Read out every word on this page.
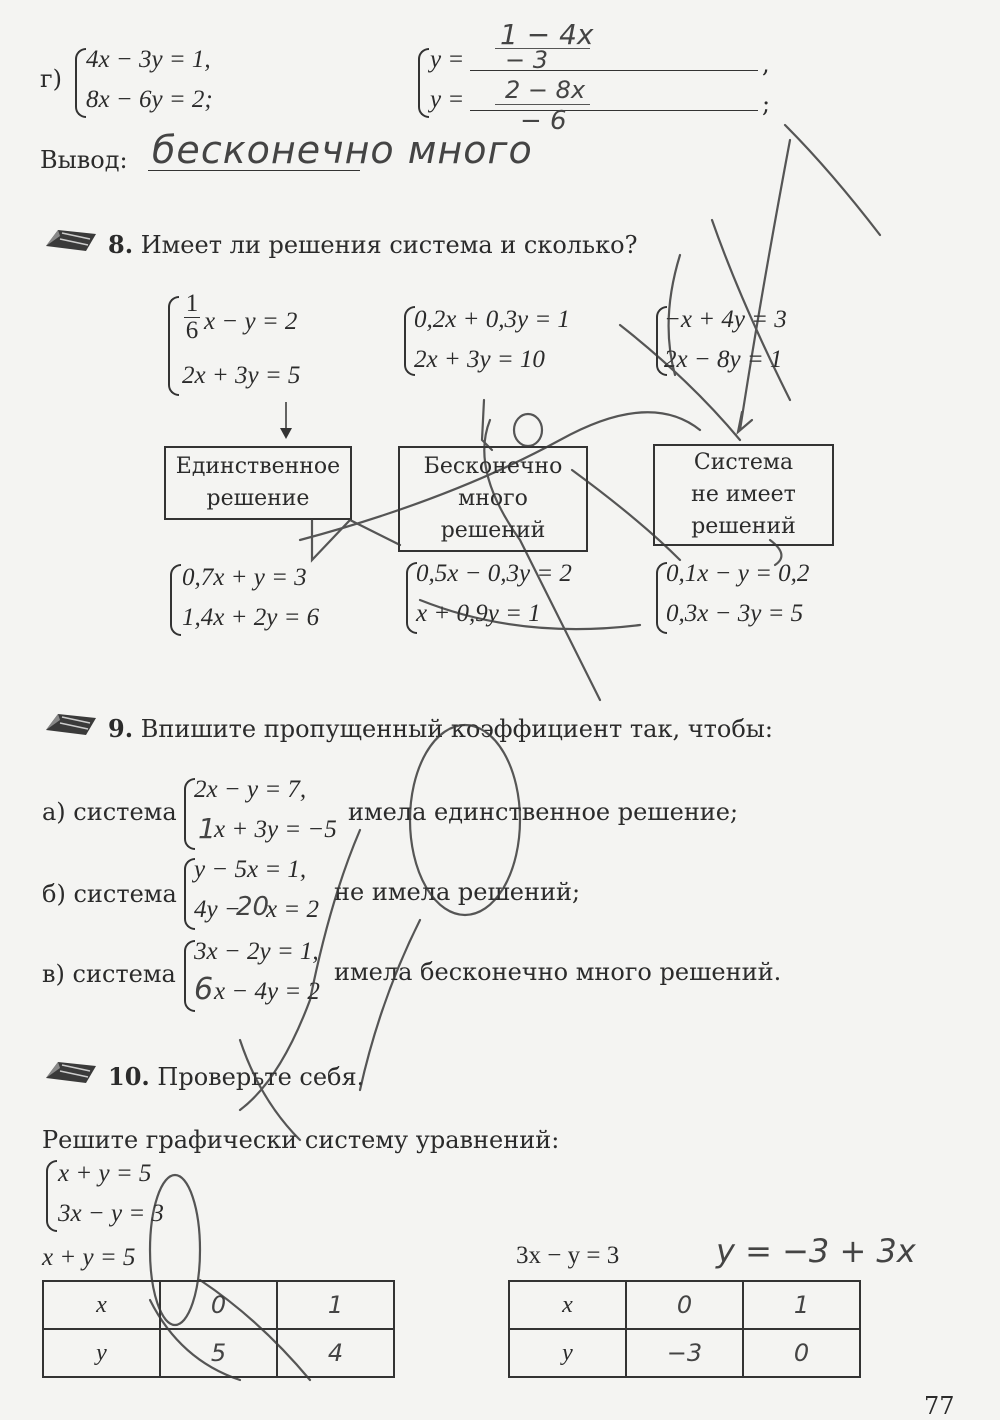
г)
4x − 3y = 1,
8x − 6y = 2;
y =
y =
,
;
1 − 4x
− 3
2 − 8x
− 6
Вывод: бесконечно много
8. Имеет ли решения система и сколько?
$\frac{1}{6}$ x − y = 2
2x + 3y = 5
0,2x + 0,3y = 1
2x + 3y = 10
−x + 4y = 3
2x − 8y = 1
Единственное
решение
Бесконечно
много
решений
Система
не имеет
решений
0,7x + y = 3
1,4x + 2y = 6
0,5x − 0,3y = 2
x + 0,9y = 1
0,1x − y = 0,2
0,3x − 3y = 5
9. Впишите пропущенный коэффициент так, чтобы:
а) система
2x − y = 7,
1
x + 3y = −5
имела единственное решение;
б) система
y − 5x = 1,
4y −
20
x = 2
не имела решений;
в) система
3x − 2y = 1,
6 x − 4y = 2
имела бесконечно много решений.
10. Проверьте себя.
Решите графически систему уравнений:
x + y = 5
3x − y = 3
x + y = 5	3x − y = 3	y = −3 + 3x
x	0	1
y	5	4
x	0	1
y	−3	0
77
